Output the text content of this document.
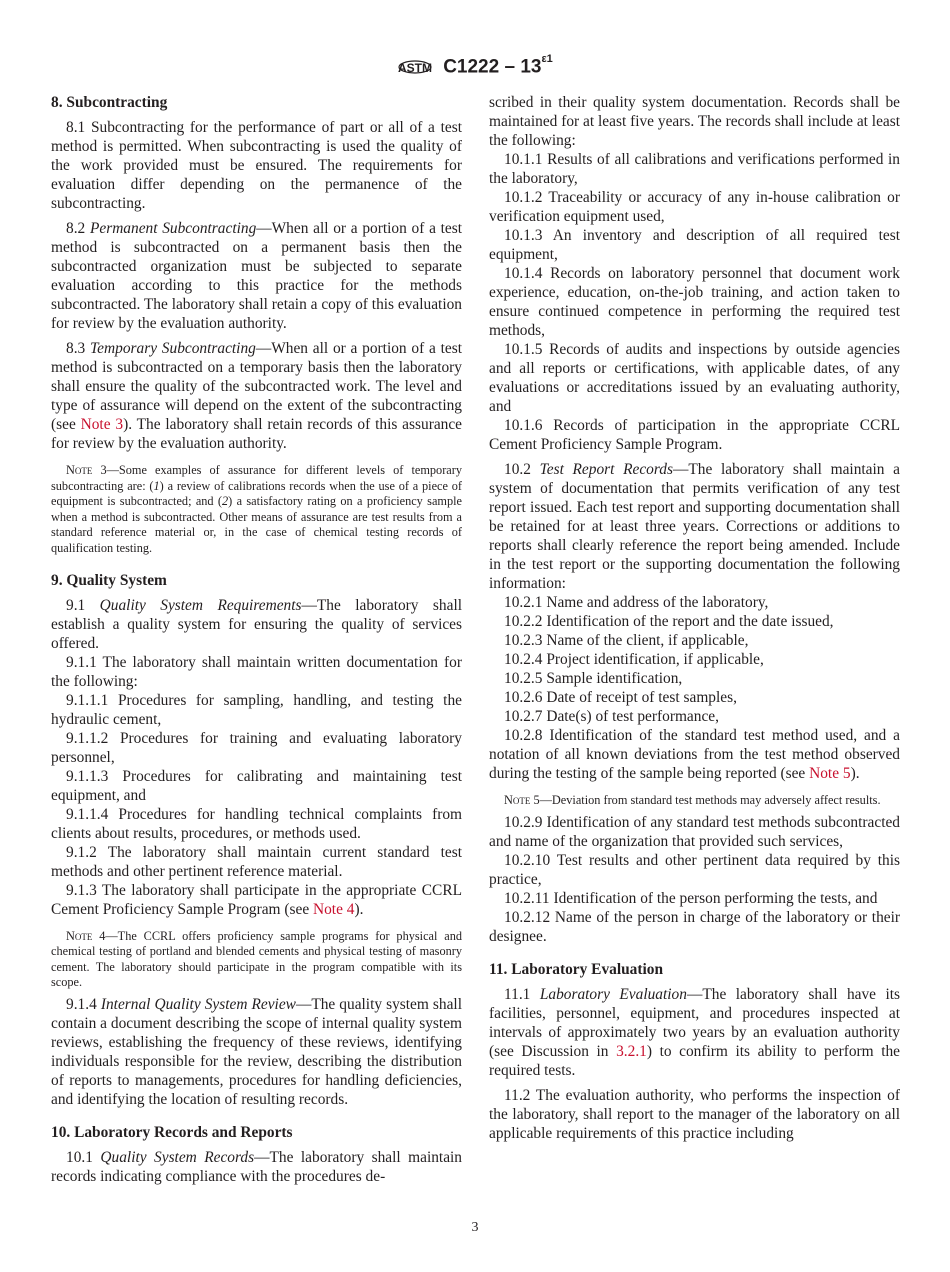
ASTM $C1222 - 13^{\varepsilon 1}$
8. Subcontracting
8.1 Subcontracting for the performance of part or all of a test method is permitted. When subcontracting is used the quality of the work provided must be ensured. The requirements for evaluation differ depending on the permanence of the subcontracting.
8.2 Permanent Subcontracting—When all or a portion of a test method is subcontracted on a permanent basis then the subcontracted organization must be subjected to separate evaluation according to this practice for the methods subcontracted. The laboratory shall retain a copy of this evaluation for review by the evaluation authority.
8.3 Temporary Subcontracting—When all or a portion of a test method is subcontracted on a temporary basis then the laboratory shall ensure the quality of the subcontracted work. The level and type of assurance will depend on the extent of the subcontracting (see Note 3). The laboratory shall retain records of this assurance for review by the evaluation authority.
Note 3—Some examples of assurance for different levels of temporary subcontracting are: (1) a review of calibrations records when the use of a piece of equipment is subcontracted; and (2) a satisfactory rating on a proficiency sample when a method is subcontracted. Other means of assurance are test results from a standard reference material or, in the case of chemical testing records of qualification testing.
9. Quality System
9.1 Quality System Requirements—The laboratory shall establish a quality system for ensuring the quality of services offered.
9.1.1 The laboratory shall maintain written documentation for the following:
9.1.1.1 Procedures for sampling, handling, and testing the hydraulic cement,
9.1.1.2 Procedures for training and evaluating laboratory personnel,
9.1.1.3 Procedures for calibrating and maintaining test equipment, and
9.1.1.4 Procedures for handling technical complaints from clients about results, procedures, or methods used.
9.1.2 The laboratory shall maintain current standard test methods and other pertinent reference material.
9.1.3 The laboratory shall participate in the appropriate CCRL Cement Proficiency Sample Program (see Note 4).
Note 4—The CCRL offers proficiency sample programs for physical and chemical testing of portland and blended cements and physical testing of masonry cement. The laboratory should participate in the program compatible with its scope.
9.1.4 Internal Quality System Review—The quality system shall contain a document describing the scope of internal quality system reviews, establishing the frequency of these reviews, identifying individuals responsible for the review, describing the distribution of reports to managements, procedures for handling deficiencies, and identifying the location of resulting records.
10. Laboratory Records and Reports
10.1 Quality System Records—The laboratory shall maintain records indicating compliance with the procedures de-
scribed in their quality system documentation. Records shall be maintained for at least five years. The records shall include at least the following:
10.1.1 Results of all calibrations and verifications performed in the laboratory,
10.1.2 Traceability or accuracy of any in-house calibration or verification equipment used,
10.1.3 An inventory and description of all required test equipment,
10.1.4 Records on laboratory personnel that document work experience, education, on-the-job training, and action taken to ensure continued competence in performing the required test methods,
10.1.5 Records of audits and inspections by outside agencies and all reports or certifications, with applicable dates, of any evaluations or accreditations issued by an evaluating authority, and
10.1.6 Records of participation in the appropriate CCRL Cement Proficiency Sample Program.
10.2 Test Report Records—The laboratory shall maintain a system of documentation that permits verification of any test report issued. Each test report and supporting documentation shall be retained for at least three years. Corrections or additions to reports shall clearly reference the report being amended. Include in the test report or the supporting documentation the following information:
10.2.1 Name and address of the laboratory,
10.2.2 Identification of the report and the date issued,
10.2.3 Name of the client, if applicable,
10.2.4 Project identification, if applicable,
10.2.5 Sample identification,
10.2.6 Date of receipt of test samples,
10.2.7 Date(s) of test performance,
10.2.8 Identification of the standard test method used, and a notation of all known deviations from the test method observed during the testing of the sample being reported (see Note 5).
Note 5—Deviation from standard test methods may adversely affect results.
10.2.9 Identification of any standard test methods subcontracted and name of the organization that provided such services,
10.2.10 Test results and other pertinent data required by this practice,
10.2.11 Identification of the person performing the tests, and
10.2.12 Name of the person in charge of the laboratory or their designee.
11. Laboratory Evaluation
11.1 Laboratory Evaluation—The laboratory shall have its facilities, personnel, equipment, and procedures inspected at intervals of approximately two years by an evaluation authority (see Discussion in 3.2.1) to confirm its ability to perform the required tests.
11.2 The evaluation authority, who performs the inspection of the laboratory, shall report to the manager of the laboratory on all applicable requirements of this practice including
3
